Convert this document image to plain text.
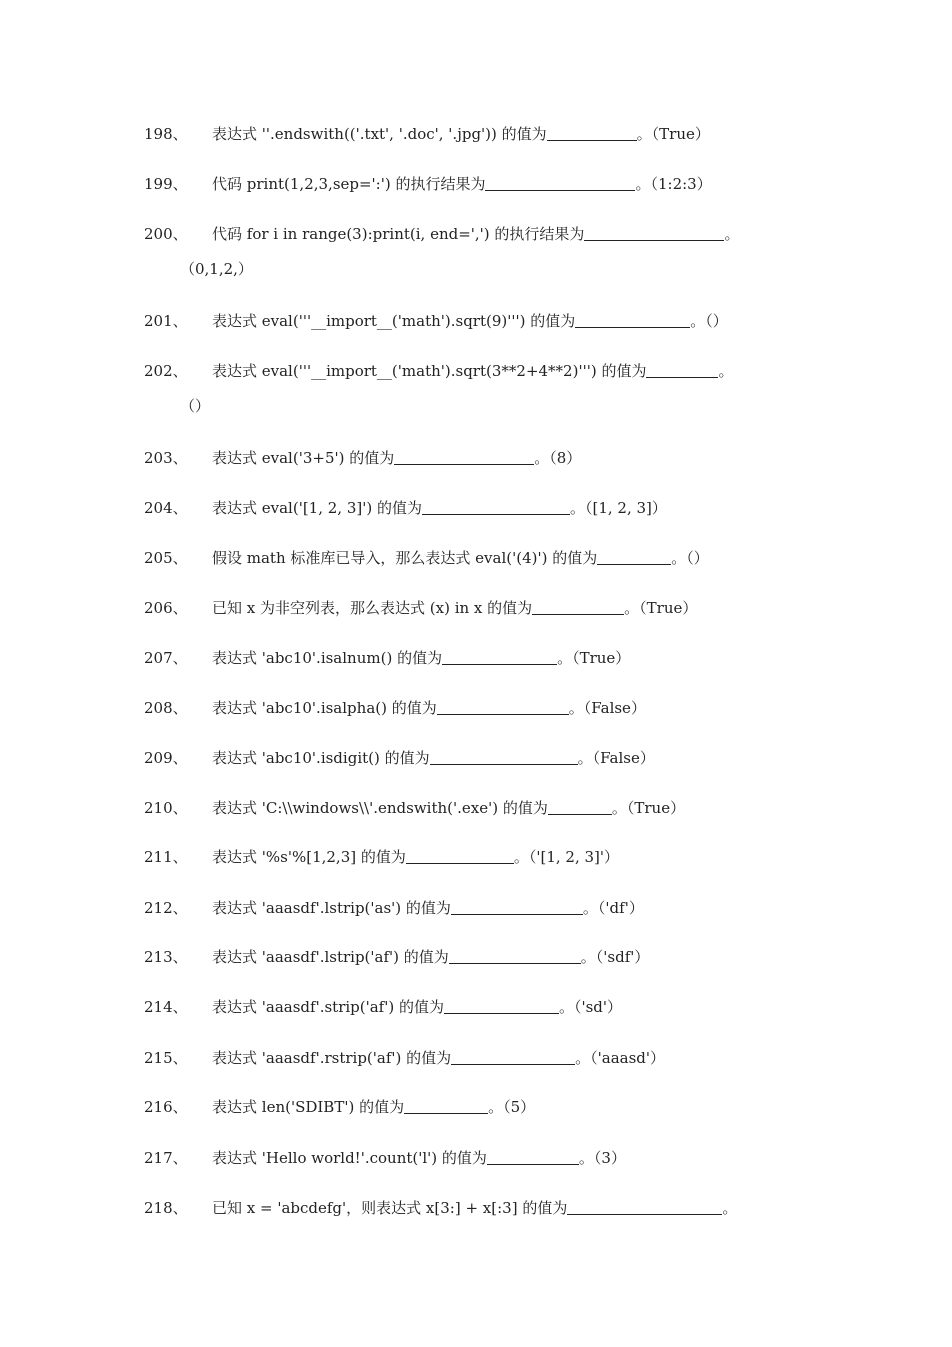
198、 表达式 ''.endswith(('.txt', '.doc', '.jpg')) 的值为	。（True）
199、 代码 print(1,2,3,sep=':') 的执行结果为	。（1:2:3）
200、 代码 for i in range(3):print(i, end=',') 的执行结果为	。
（0,1,2,）
201、 表达式 eval('''__import__('math').sqrt(9)''') 的值为	。（）
202、 表达式 eval('''__import__('math').sqrt(3**2+4**2)''') 的值为	。
（）
203、 表达式 eval('3+5') 的值为	。（8）
204、 表达式 eval('[1, 2, 3]') 的值为	。（[1, 2, 3]）
205、 假设 math 标准库已导入，那么表达式 eval('(4)') 的值为	。（）
206、 已知 x 为非空列表，那么表达式 (x) in x 的值为	。（True）
207、 表达式 'abc10'.isalnum() 的值为	。（True）
208、 表达式 'abc10'.isalpha() 的值为	。（False）
209、 表达式 'abc10'.isdigit() 的值为	。（False）
210、 表达式 'C:\\windows\\'.endswith('.exe') 的值为	。（True）
211、 表达式 '%s'%[1,2,3] 的值为	。（'[1, 2, 3]'）
212、 表达式 'aaasdf'.lstrip('as') 的值为	。（'df'）
213、 表达式 'aaasdf'.lstrip('af') 的值为	。（'sdf'）
214、 表达式 'aaasdf'.strip('af') 的值为	。（'sd'）
215、 表达式 'aaasdf'.rstrip('af') 的值为	。（'aaasd'）
216、 表达式 len('SDIBT') 的值为	。（5）
217、 表达式 'Hello world!'.count('l') 的值为	。（3）
218、 已知 x = 'abcdefg'，则表达式 x[3:] + x[:3] 的值为	。
